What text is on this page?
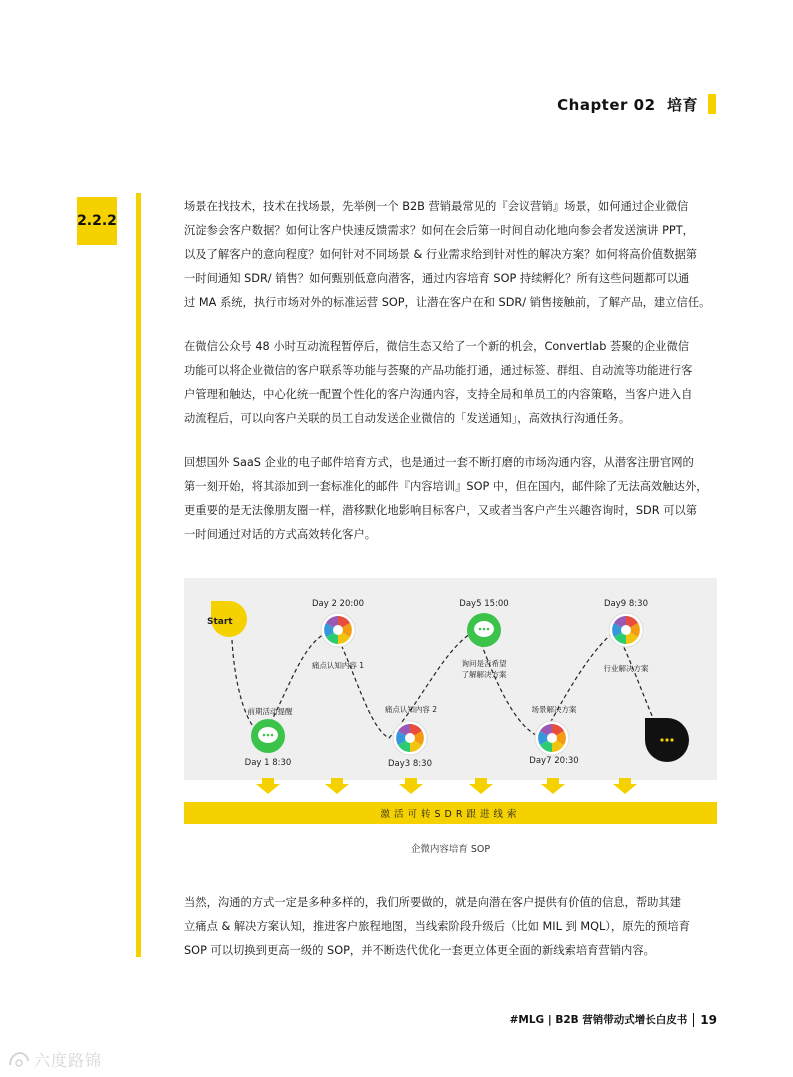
Chapter 02 培育
2.2.2
场景在找技术，技术在找场景，先举例一个 B2B 营销最常见的『会议营销』场景，如何通过企业微信
沉淀参会客户数据？如何让客户快速反馈需求？如何在会后第一时间自动化地向参会者发送演讲 PPT，
以及了解客户的意向程度？如何针对不同场景 & 行业需求给到针对性的解决方案？如何将高价值数据第
一时间通知 SDR/ 销售？如何甄别低意向潜客，通过内容培育 SOP 持续孵化？所有这些问题都可以通
过 MA 系统，执行市场对外的标准运营 SOP，让潜在客户在和 SDR/ 销售接触前，了解产品，建立信任。
在微信公众号 48 小时互动流程暂停后，微信生态又给了一个新的机会，Convertlab 荟聚的企业微信
功能可以将企业微信的客户联系等功能与荟聚的产品功能打通，通过标签、群组、自动流等功能进行客
户管理和触达，中心化统一配置个性化的客户沟通内容，支持全局和单员工的内容策略，当客户进入自
动流程后，可以向客户关联的员工自动发送企业微信的「发送通知」，高效执行沟通任务。
回想国外 SaaS 企业的电子邮件培育方式，也是通过一套不断打磨的市场沟通内容，从潜客注册官网的
第一刻开始，将其添加到一套标准化的邮件『内容培训』SOP 中，但在国内，邮件除了无法高效触达外，
更重要的是无法像朋友圈一样，潜移默化地影响目标客户，又或者当客户产生兴趣咨询时，SDR 可以第
一时间通过对话的方式高效转化客户。
Start
Day 1 8:30
前期活动提醒
Day 2 20:00
痛点认知内容 1
Day3 8:30
痛点认知内容 2
Day5 15:00
询问是否希望
了解解决方案
Day7 20:30
场景解决方案
Day9 8:30
行业解决方案
激活可转SDR跟进线索
企微内容培育 SOP
当然，沟通的方式一定是多种多样的，我们所要做的，就是向潜在客户提供有价值的信息，帮助其建
立痛点 & 解决方案认知，推进客户旅程地图，当线索阶段升级后（比如 MIL 到 MQL），原先的预培育
SOP 可以切换到更高一级的 SOP，并不断迭代优化一套更立体更全面的新线索培育营销内容。
#MLG | B2B 营销带动式增长白皮书 19
六度路锦
